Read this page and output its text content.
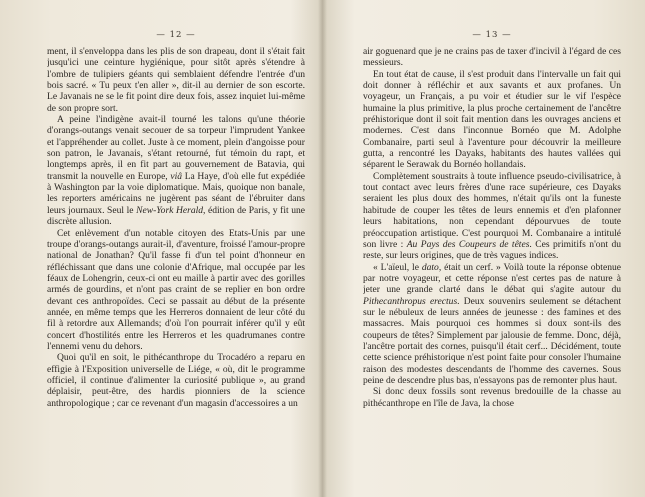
— 12 —

ment, il s'enveloppa dans les plis de son drapeau, dont il s'était fait jusqu'ici une ceinture hygiénique, pour sitôt après s'étendre à l'ombre de tulipiers géants qui semblaient défendre l'entrée d'un bois sacré. « Tu peux t'en aller », dit-il au dernier de son escorte. Le Javanais ne se le fit point dire deux fois, assez inquiet lui-même de son propre sort.

A peine l'indigène avait-il tourné les talons qu'une théorie d'orangs-outangs venait secouer de sa torpeur l'imprudent Yankee et l'appréhender au collet. Juste à ce moment, plein d'angoisse pour son patron, le Javanais, s'étant retourné, fut témoin du rapt, et longtemps après, il en fit part au gouvernement de Batavia, qui transmit la nouvelle en Europe, viâ La Haye, d'où elle fut expédiée à Washington par la voie diplomatique. Mais, quoique non banale, les reporters américains ne jugèrent pas séant de l'ébruiter dans leurs journaux. Seul le New-York Herald, édition de Paris, y fit une discrète allusion.

Cet enlèvement d'un notable citoyen des Etats-Unis par une troupe d'orangs-outangs aurait-il, d'aventure, froissé l'amour-propre national de Jonathan? Qu'il fasse fi d'un tel point d'honneur en réfléchissant que dans une colonie d'Afrique, mal occupée par les féaux de Lohengrin, ceux-ci ont eu maille à partir avec des gorilles armés de gourdins, et n'ont pas craint de se replier en bon ordre devant ces anthropoïdes. Ceci se passait au début de la présente année, en même temps que les Herreros donnaient de leur côté du fil à retordre aux Allemands; d'où l'on pourrait inférer qu'il y eût concert d'hostilités entre les Herreros et les quadrumanes contre l'ennemi venu du dehors.

Quoi qu'il en soit, le pithécanthrope du Trocadéro a reparu en effigie à l'Exposition universelle de Liége, « où, dit le programme officiel, il continue d'alimenter la curiosité publique », au grand déplaisir, peut-être, des hardis pionniers de la science anthropologique ; car ce revenant d'un magasin d'accessoires a un

— 13 —

air goguenard que je ne crains pas de taxer d'incivil à l'égard de ces messieurs.

En tout état de cause, il s'est produit dans l'intervalle un fait qui doit donner à réfléchir et aux savants et aux profanes. Un voyageur, un Français, a pu voir et étudier sur le vif l'espèce humaine la plus primitive, la plus proche certainement de l'ancêtre préhistorique dont il soit fait mention dans les ouvrages anciens et modernes. C'est dans l'inconnue Bornéo que M. Adolphe Combanaire, parti seul à l'aventure pour découvrir la meilleure gutta, a rencontré les Dayaks, habitants des hautes vallées qui séparent le Serawak du Bornéo hollandais.

Complètement soustraits à toute influence pseudo-civilisatrice, à tout contact avec leurs frères d'une race supérieure, ces Dayaks seraient les plus doux des hommes, n'était qu'ils ont la funeste habitude de couper les têtes de leurs ennemis et d'en plafonner leurs habitations, non cependant dépourvues de toute préoccupation artistique. C'est pourquoi M. Combanaire a intitulé son livre : Au Pays des Coupeurs de têtes. Ces primitifs n'ont du reste, sur leurs origines, que de très vagues indices.

« L'aïeul, le dato, était un cerf. » Voilà toute la réponse obtenue par notre voyageur, et cette réponse n'est certes pas de nature à jeter une grande clarté dans le débat qui s'agite autour du Pithecanthropus erectus. Deux souvenirs seulement se détachent sur le nébuleux de leurs années de jeunesse : des famines et des massacres. Mais pourquoi ces hommes si doux sont-ils des coupeurs de têtes? Simplement par jalousie de femme. Donc, déjà, l'ancêtre portait des cornes, puisqu'il était cerf... Décidément, toute cette science préhistorique n'est point faite pour consoler l'humaine raison des modestes descendants de l'homme des cavernes. Sous peine de descendre plus bas, n'essayons pas de remonter plus haut.

Si donc deux fossils sont revenus bredouille de la chasse au pithécanthrope en l'île de Java, la chose
